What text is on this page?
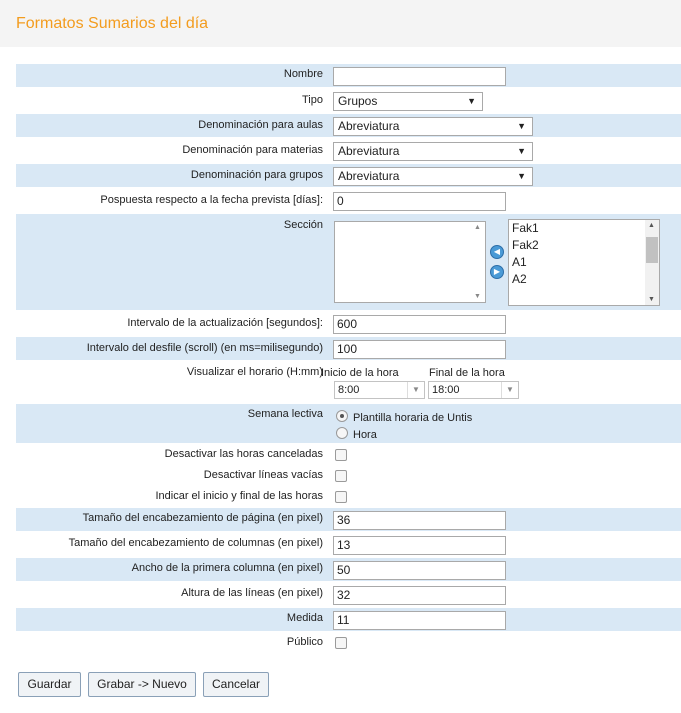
Formatos Sumarios del día
Nombre
Tipo	Grupos	▼
Denominación para aulas	Abreviatura	▼
Denominación para materias	Abreviatura	▼
Denominación para grupos	Abreviatura	▼
Pospuesta respecto a la fecha prevista [días]:	0
Sección	▲
▼
◀
▶
Fak1
Fak2
A1
A2
▲
▼
Intervalo de la actualización [segundos]:	600
Intervalo del desfile (scroll) (en ms=milisegundo)	100
Visualizar el horario (H:mm)
Inicio de la hora	Final de la hora
8:00	▼	18:00	▼
Semana lectiva	Plantilla horaria de Untis
Hora
Desactivar las horas canceladas
Desactivar líneas vacías
Indicar el inicio y final de las horas
Tamaño del encabezamiento de página (en pixel)	36
Tamaño del encabezamiento de columnas (en pixel)	13
Ancho de la primera columna (en pixel)	50
Altura de las líneas (en pixel)	32
Medida	11
Público
Guardar	Grabar -> Nuevo	Cancelar
